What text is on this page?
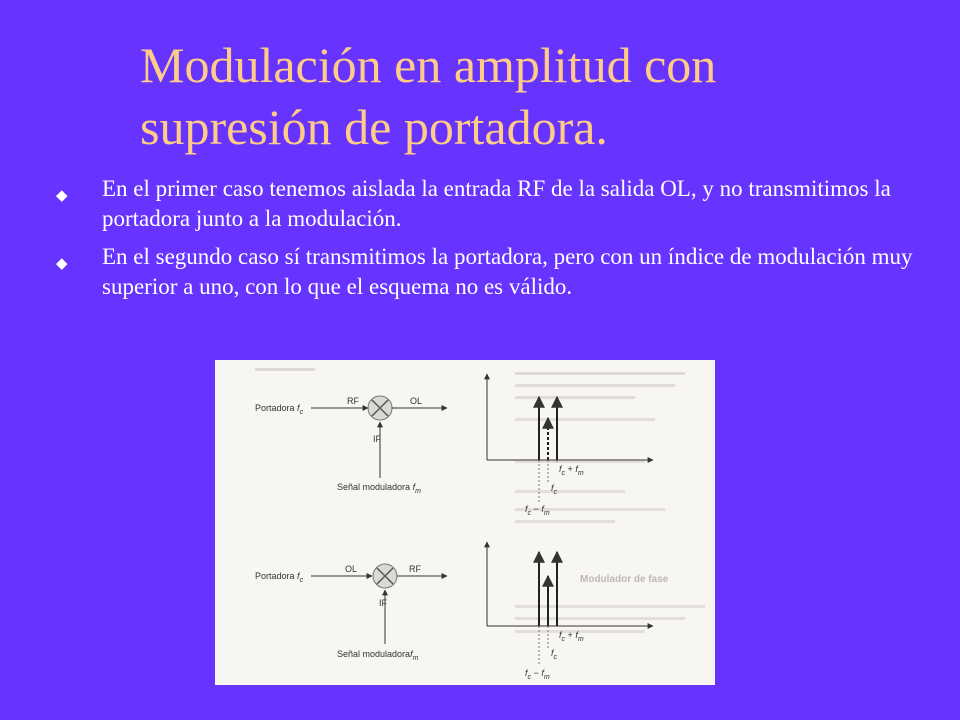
Modulación en amplitud con
supresión de portadora.
◆ En el primer caso tenemos aislada la entrada RF de la salida OL, y no transmitimos la portadora junto a la modulación.
◆ En el segundo caso sí transmitimos la portadora, pero con un índice de modulación muy superior a uno, con lo que el esquema no es válido.
Modulador de fase
Portadora $f_c$
RF	OL
IF
Señal moduladora $f_m$
$f_c + f_m$
$f_c$
$f_c - f_m$
Portadora $f_c$
OL	RF
IF
Señal moduladoraf$_m$
$f_c + f_m$
$f_c$
$f_c - f_m$
